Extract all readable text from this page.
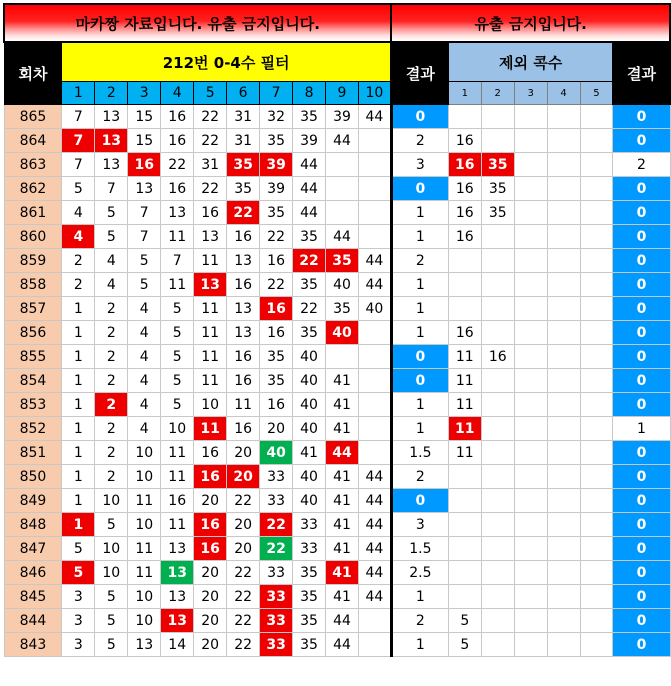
마카짱 자료입니다. 유출 금지입니다.											유출 금지입니다.						
회차	212번 0-4수 필터										결과	제외 콕수					결과
	1	2	3	4	5	6	7	8	9	10		1	2	3	4	5	
865	7	13	15	16	22	31	32	35	39	44	0						0
864	7	13	15	16	22	31	35	39	44		2	16					0
863	7	13	16	22	31	35	39	44			3	16	35				2
862	5	7	13	16	22	35	39	44			0	16	35				0
861	4	5	7	13	16	22	35	44			1	16	35				0
860	4	5	7	11	13	16	22	35	44		1	16					0
859	2	4	5	7	11	13	16	22	35	44	2						0
858	2	4	5	11	13	16	22	35	40	44	1						0
857	1	2	4	5	11	13	16	22	35	40	1						0
856	1	2	4	5	11	13	16	35	40		1	16					0
855	1	2	4	5	11	16	35	40			0	11	16				0
854	1	2	4	5	11	16	35	40	41		0	11					0
853	1	2	4	5	10	11	16	40	41		1	11					0
852	1	2	4	10	11	16	20	40	41		1	11					1
851	1	2	10	11	16	20	40	41	44		1.5	11					0
850	1	2	10	11	16	20	33	40	41	44	2						0
849	1	10	11	16	20	22	33	40	41	44	0						0
848	1	5	10	11	16	20	22	33	41	44	3						0
847	5	10	11	13	16	20	22	33	41	44	1.5						0
846	5	10	11	13	20	22	33	35	41	44	2.5						0
845	3	5	10	13	20	22	33	35	41	44	1						0
844	3	5	10	13	20	22	33	35	44		2	5					0
843	3	5	13	14	20	22	33	35	44		1	5					0
